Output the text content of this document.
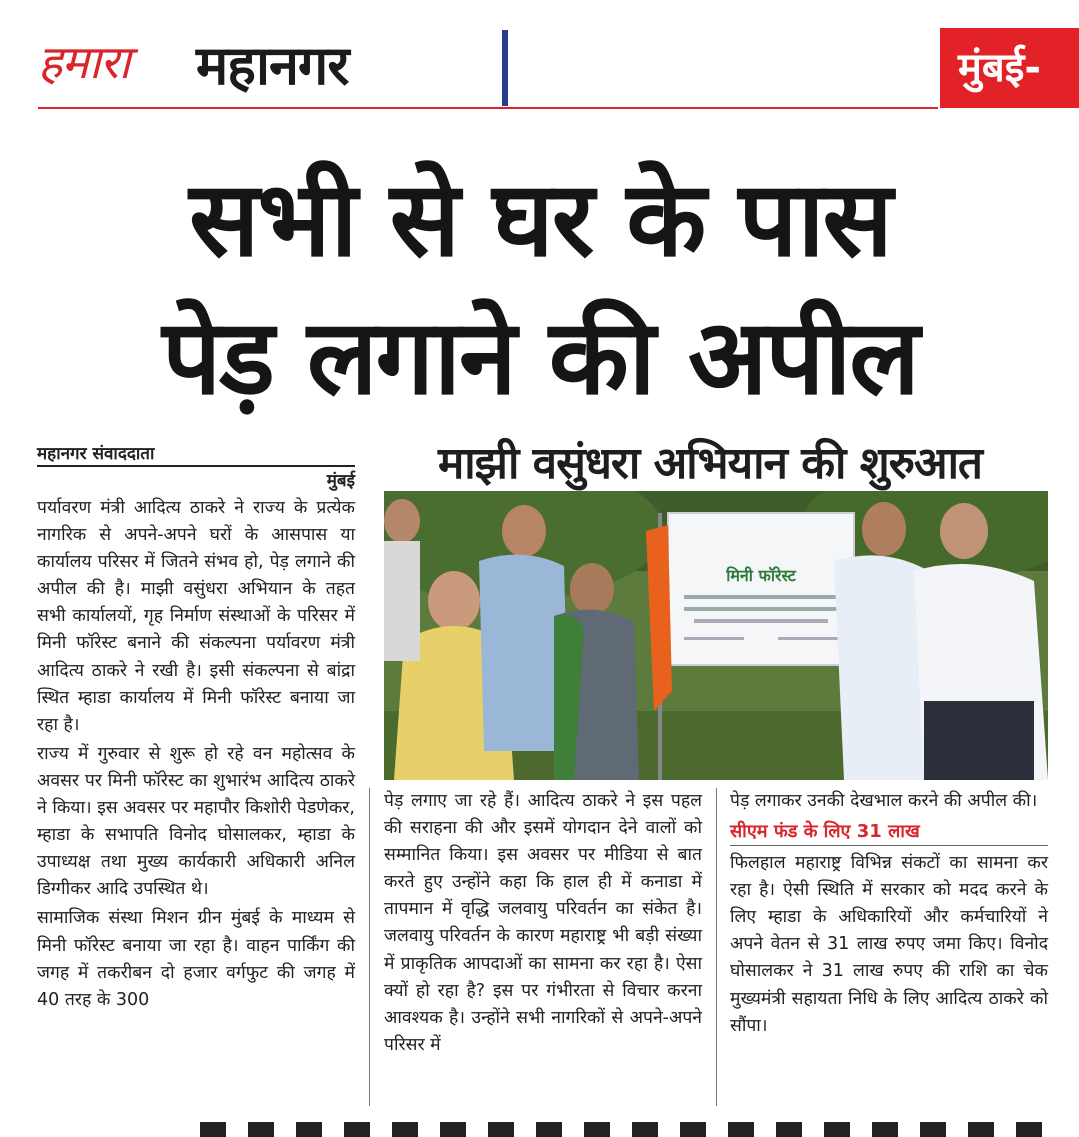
हमारा महानगर	मुंबई-
सभी से घर के पास
पेड़ लगाने की अपील
महानगर संवाददाता
मुंबई	माझी वसुंधरा अभियान की शुरुआत
मिनी फॉरेस्ट

पर्यावरण मंत्री आदित्य ठाकरे ने राज्य के प्रत्येक नागरिक से अपने-अपने घरों के आसपास या कार्यालय परिसर में जितने संभव हो, पेड़ लगाने की अपील की है। माझी वसुंधरा अभियान के तहत सभी कार्यालयों, गृह निर्माण संस्थाओं के परिसर में मिनी फॉरेस्ट बनाने की संकल्पना पर्यावरण मंत्री आदित्य ठाकरे ने रखी है। इसी संकल्पना से बांद्रा स्थित म्हाडा कार्यालय में मिनी फॉरेस्ट बनाया जा रहा है।

राज्य में गुरुवार से शुरू हो रहे वन महोत्सव के अवसर पर मिनी फॉरेस्ट का शुभारंभ आदित्य ठाकरे ने किया। इस अवसर पर महापौर किशोरी पेडणेकर, म्हाडा के सभापति विनोद घोसालकर, म्हाडा के उपाध्यक्ष तथा मुख्य कार्यकारी अधिकारी अनिल डिग्गीकर आदि उपस्थित थे।

सामाजिक संस्था मिशन ग्रीन मुंबई के माध्यम से मिनी फॉरेस्ट बनाया जा रहा है। वाहन पार्किंग की जगह में तकरीबन दो हजार वर्गफुट की जगह में 40 तरह के 300

पेड़ लगाए जा रहे हैं। आदित्य ठाकरे ने इस पहल की सराहना की और इसमें योगदान देने वालों को सम्मानित किया। इस अवसर पर मीडिया से बात करते हुए उन्होंने कहा कि हाल ही में कनाडा में तापमान में वृद्धि जलवायु परिवर्तन का संकेत है। जलवायु परिवर्तन के कारण महाराष्ट्र भी बड़ी संख्या में प्राकृतिक आपदाओं का सामना कर रहा है। ऐसा क्यों हो रहा है? इस पर गंभीरता से विचार करना आवश्यक है। उन्होंने सभी नागरिकों से अपने-अपने परिसर में

पेड़ लगाकर उनकी देखभाल करने की अपील की।

सीएम फंड के लिए 31 लाख

फिलहाल महाराष्ट्र विभिन्न संकटों का सामना कर रहा है। ऐसी स्थिति में सरकार को मदद करने के लिए म्हाडा के अधिकारियों और कर्मचारियों ने अपने वेतन से 31 लाख रुपए जमा किए। विनोद घोसालकर ने 31 लाख रुपए की राशि का चेक मुख्यमंत्री सहायता निधि के लिए आदित्य ठाकरे को सौंपा।
